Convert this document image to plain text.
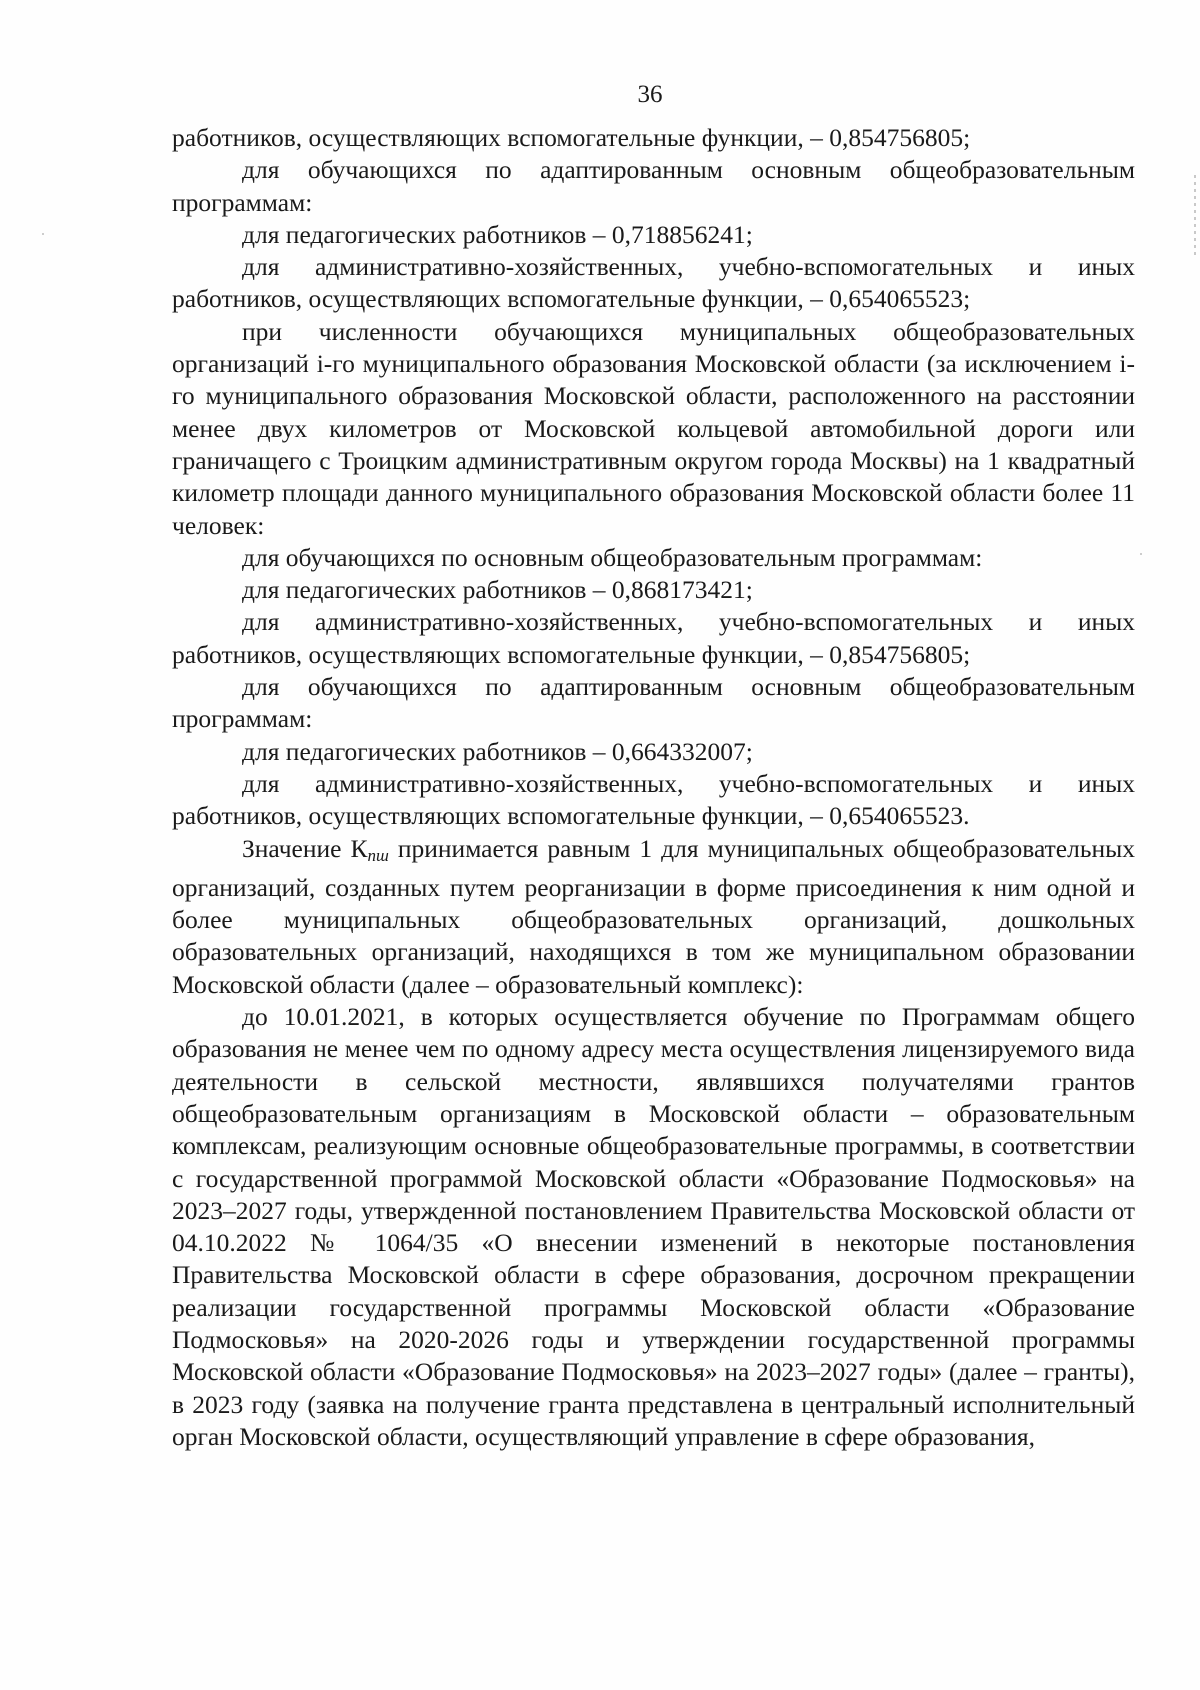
36

работников, осуществляющих вспомогательные функции, – 0,854756805;

для обучающихся по адаптированным основным общеобразовательным программам:

для педагогических работников – 0,718856241;

для административно-хозяйственных, учебно-вспомогательных и иных работников, осуществляющих вспомогательные функции, – 0,654065523;

при численности обучающихся муниципальных общеобразовательных организаций i-го муниципального образования Московской области (за исключением i-го муниципального образования Московской области, расположенного на расстоянии менее двух километров от Московской кольцевой автомобильной дороги или граничащего с Троицким административным округом города Москвы) на 1 квадратный километр площади данного муниципального образования Московской области более 11 человек:

для обучающихся по основным общеобразовательным программам:

для педагогических работников – 0,868173421;

для административно-хозяйственных, учебно-вспомогательных и иных работников, осуществляющих вспомогательные функции, – 0,854756805;

для обучающихся по адаптированным основным общеобразовательным программам:

для педагогических работников – 0,664332007;

для административно-хозяйственных, учебно-вспомогательных и иных работников, осуществляющих вспомогательные функции, – 0,654065523.

Значение $К_{пш}$ принимается равным 1 для муниципальных общеобразовательных организаций, созданных путем реорганизации в форме присоединения к ним одной и более муниципальных общеобразовательных организаций, дошкольных образовательных организаций, находящихся в том же муниципальном образовании Московской области (далее – образовательный комплекс):

до 10.01.2021, в которых осуществляется обучение по Программам общего образования не менее чем по одному адресу места осуществления лицензируемого вида деятельности в сельской местности, являвшихся получателями грантов общеобразовательным организациям в Московской области – образовательным комплексам, реализующим основные общеобразовательные программы, в соответствии с государственной программой Московской области «Образование Подмосковья» на 2023–2027 годы, утвержденной постановлением Правительства Московской области от 04.10.2022 № 1064/35 «О внесении изменений в некоторые постановления Правительства Московской области в сфере образования, досрочном прекращении реализации государственной программы Московской области «Образование Подмосковья» на 2020-2026 годы и утверждении государственной программы Московской области «Образование Подмосковья» на 2023–2027 годы» (далее – гранты), в 2023 году (заявка на получение гранта представлена в центральный исполнительный орган Московской области, осуществляющий управление в сфере образования,
